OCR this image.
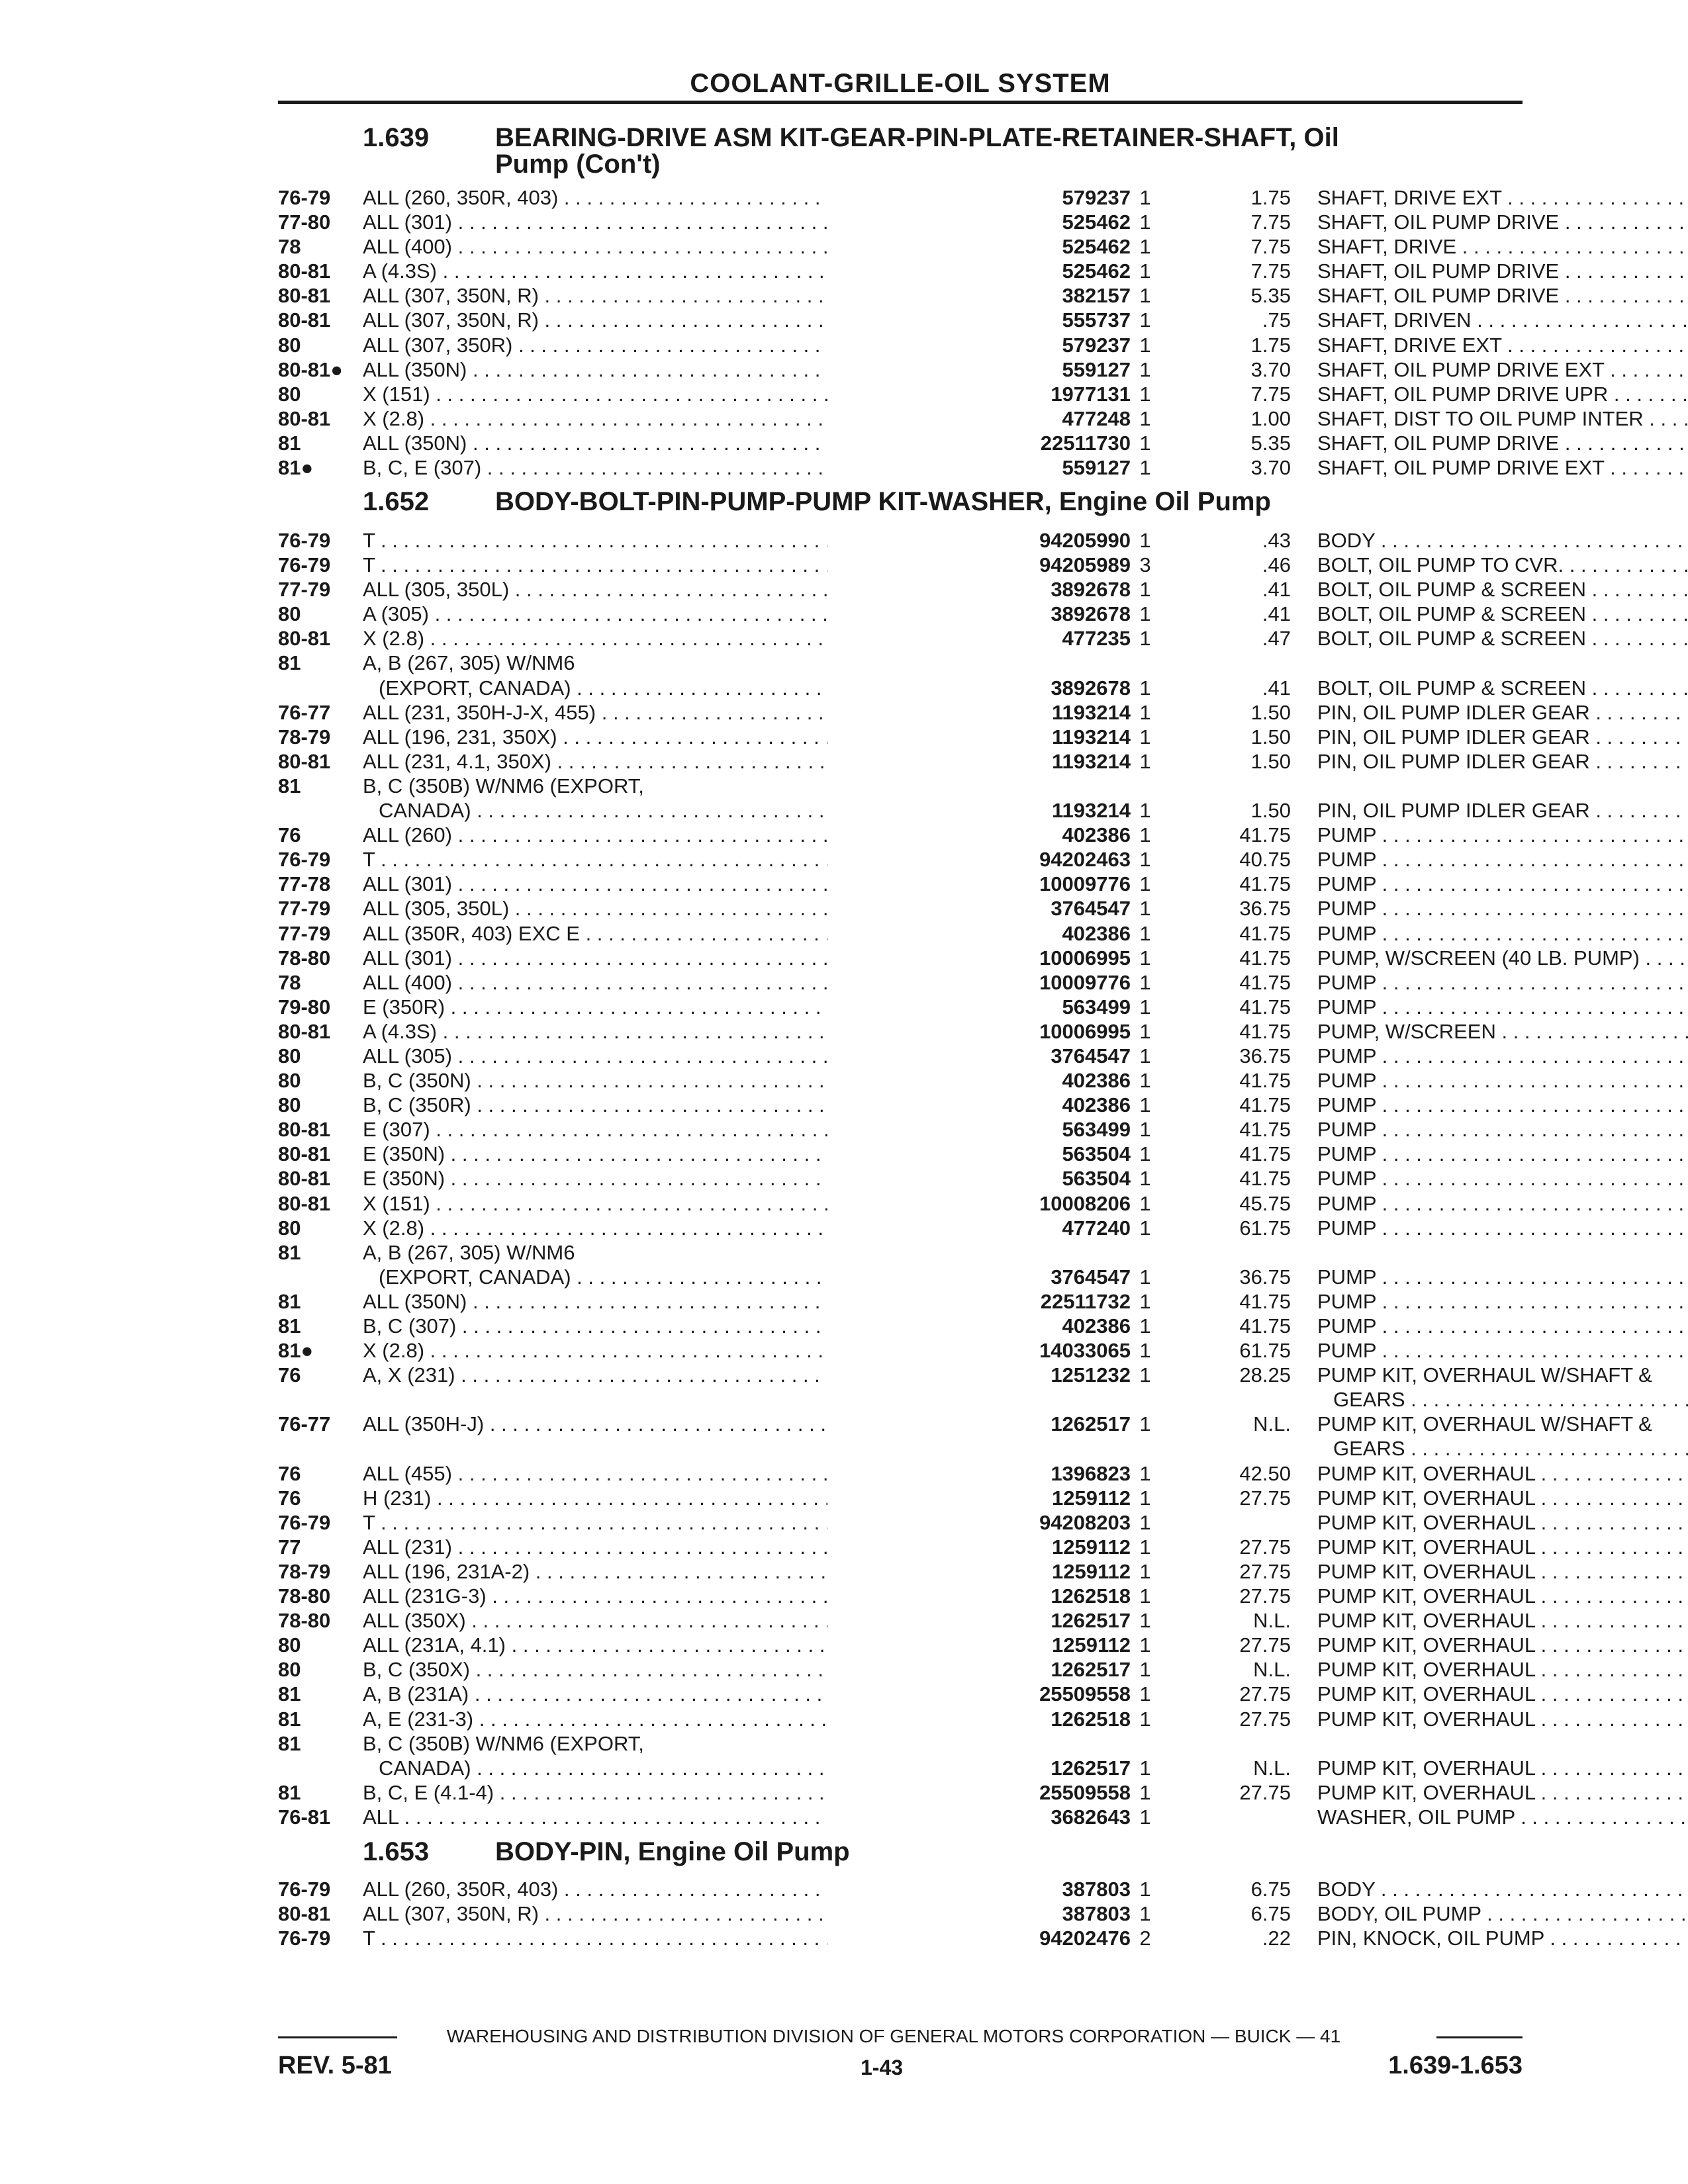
COOLANT-GRILLE-OIL SYSTEM
1.639 BEARING-DRIVE ASM KIT-GEAR-PIN-PLATE-RETAINER-SHAFT, Oil
Pump (Con't)
76-79 ALL (260, 350R, 403) . . .	579237 1	1.75 SHAFT, DRIVE EXT . . .
77-80 ALL (301) . . .	525462 1	7.75 SHAFT, OIL PUMP DRIVE . . .
78	ALL (400) . . .	525462 1	7.75 SHAFT, DRIVE . . .
80-81 A (4.3S) . . .	525462 1	7.75 SHAFT, OIL PUMP DRIVE . . .
80-81 ALL (307, 350N, R) . . .	382157 1	5.35 SHAFT, OIL PUMP DRIVE . . .
80-81 ALL (307, 350N, R) . . .	555737 1	.75 SHAFT, DRIVEN . . .
80	ALL (307, 350R) . . .	579237 1	1.75 SHAFT, DRIVE EXT . . .
80-81● ALL (350N) . . .	559127 1	3.70 SHAFT, OIL PUMP DRIVE EXT . . .
80	X (151) . . .	1977131 1	7.75 SHAFT, OIL PUMP DRIVE UPR . . .
80-81 X (2.8) . . .	477248 1	1.00 SHAFT, DIST TO OIL PUMP INTER . . .
81	ALL (350N) . . .	22511730 1	5.35 SHAFT, OIL PUMP DRIVE . . .
81● B, C, E (307) . . .	559127 1	3.70 SHAFT, OIL PUMP DRIVE EXT . . .
1.652 BODY-BOLT-PIN-PUMP-PUMP KIT-WASHER, Engine Oil Pump
76-79 T . . .	94205990 1	.43 BODY . . .
76-79 T . . .	94205989 3	.46 BOLT, OIL PUMP TO CVR. . . .
77-79 ALL (305, 350L) . . .	3892678 1	.41 BOLT, OIL PUMP & SCREEN . . .
80	A (305) . . .	3892678 1	.41 BOLT, OIL PUMP & SCREEN . . .
80-81 X (2.8) . . .	477235 1	.47 BOLT, OIL PUMP & SCREEN . . .
81	A, B (267, 305) W/NM6
(EXPORT, CANADA) . . .	3892678 1	.41 BOLT, OIL PUMP & SCREEN . . .
76-77 ALL (231, 350H-J-X, 455) . . .	1193214 1	1.50 PIN, OIL PUMP IDLER GEAR . . .
78-79 ALL (196, 231, 350X) . . .	1193214 1	1.50 PIN, OIL PUMP IDLER GEAR . . .
80-81 ALL (231, 4.1, 350X) . . .	1193214 1	1.50 PIN, OIL PUMP IDLER GEAR . . .
81	B, C (350B) W/NM6 (EXPORT,
CANADA) . . .	1193214 1	1.50 PIN, OIL PUMP IDLER GEAR . . .
76	ALL (260) . . .	402386 1	41.75 PUMP . . .
76-79 T . . .	94202463 1	40.75 PUMP . . .
77-78 ALL (301) . . .	10009776 1	41.75 PUMP . . .
77-79 ALL (305, 350L) . . .	3764547 1	36.75 PUMP . . .
77-79 ALL (350R, 403) EXC E . . .	402386 1	41.75 PUMP . . .
78-80 ALL (301) . . .	10006995 1	41.75 PUMP, W/SCREEN (40 LB. PUMP) . . .
78	ALL (400) . . .	10009776 1	41.75 PUMP . . .
79-80 E (350R) . . .	563499 1	41.75 PUMP . . .
80-81 A (4.3S) . . .	10006995 1	41.75 PUMP, W/SCREEN . . .
80	ALL (305) . . .	3764547 1	36.75 PUMP . . .
80	B, C (350N) . . .	402386 1	41.75 PUMP . . .
80	B, C (350R) . . .	402386 1	41.75 PUMP . . .
80-81 E (307) . . .	563499 1	41.75 PUMP . . .
80-81 E (350N) . . .	563504 1	41.75 PUMP . . .
80-81 E (350N) . . .	563504 1	41.75 PUMP . . .
80-81 X (151) . . .	10008206 1	45.75 PUMP . . .
80	X (2.8) . . .	477240 1	61.75 PUMP . . .
81	A, B (267, 305) W/NM6
(EXPORT, CANADA) . . .	3764547 1	36.75 PUMP . . .
81	ALL (350N) . . .	22511732 1	41.75 PUMP . . .
81	B, C (307) . . .	402386 1	41.75 PUMP . . .
81● X (2.8) . . .	14033065 1	61.75 PUMP . . .
76	A, X (231) . . .	1251232 1	28.25 PUMP KIT, OVERHAUL W/SHAFT &
GEARS . . .
76-77 ALL (350H-J) . . .	1262517 1	N.L. PUMP KIT, OVERHAUL W/SHAFT &
GEARS . . .
76	ALL (455) . . .	1396823 1	42.50 PUMP KIT, OVERHAUL . . .
76	H (231) . . .	1259112 1	27.75 PUMP KIT, OVERHAUL . . .
76-79 T . . .	94208203 1	PUMP KIT, OVERHAUL . . .
77	ALL (231) . . .	1259112 1	27.75 PUMP KIT, OVERHAUL . . .
78-79 ALL (196, 231A-2) . . .	1259112 1	27.75 PUMP KIT, OVERHAUL . . .
78-80 ALL (231G-3) . . .	1262518 1	27.75 PUMP KIT, OVERHAUL . . .
78-80 ALL (350X) . . .	1262517 1	N.L. PUMP KIT, OVERHAUL . . .
80	ALL (231A, 4.1) . . .	1259112 1	27.75 PUMP KIT, OVERHAUL . . .
80	B, C (350X) . . .	1262517 1	N.L. PUMP KIT, OVERHAUL . . .
81	A, B (231A) . . .	25509558 1	27.75 PUMP KIT, OVERHAUL . . .
81	A, E (231-3) . . .	1262518 1	27.75 PUMP KIT, OVERHAUL . . .
81	B, C (350B) W/NM6 (EXPORT,
CANADA) . . .	1262517 1	N.L. PUMP KIT, OVERHAUL . . .
81	B, C, E (4.1-4) . . .	25509558 1	27.75 PUMP KIT, OVERHAUL . . .
76-81 ALL . . .	3682643 1	WASHER, OIL PUMP . . .
1.653 BODY-PIN, Engine Oil Pump
76-79 ALL (260, 350R, 403) . . .	387803 1	6.75 BODY . . .
80-81 ALL (307, 350N, R) . . .	387803 1	6.75 BODY, OIL PUMP . . .
76-79 T . . .	94202476 2	.22 PIN, KNOCK, OIL PUMP . . .
WAREHOUSING AND DISTRIBUTION DIVISION OF GENERAL MOTORS CORPORATION — BUICK — 41
REV. 5-81	1-43	1.639-1.653
